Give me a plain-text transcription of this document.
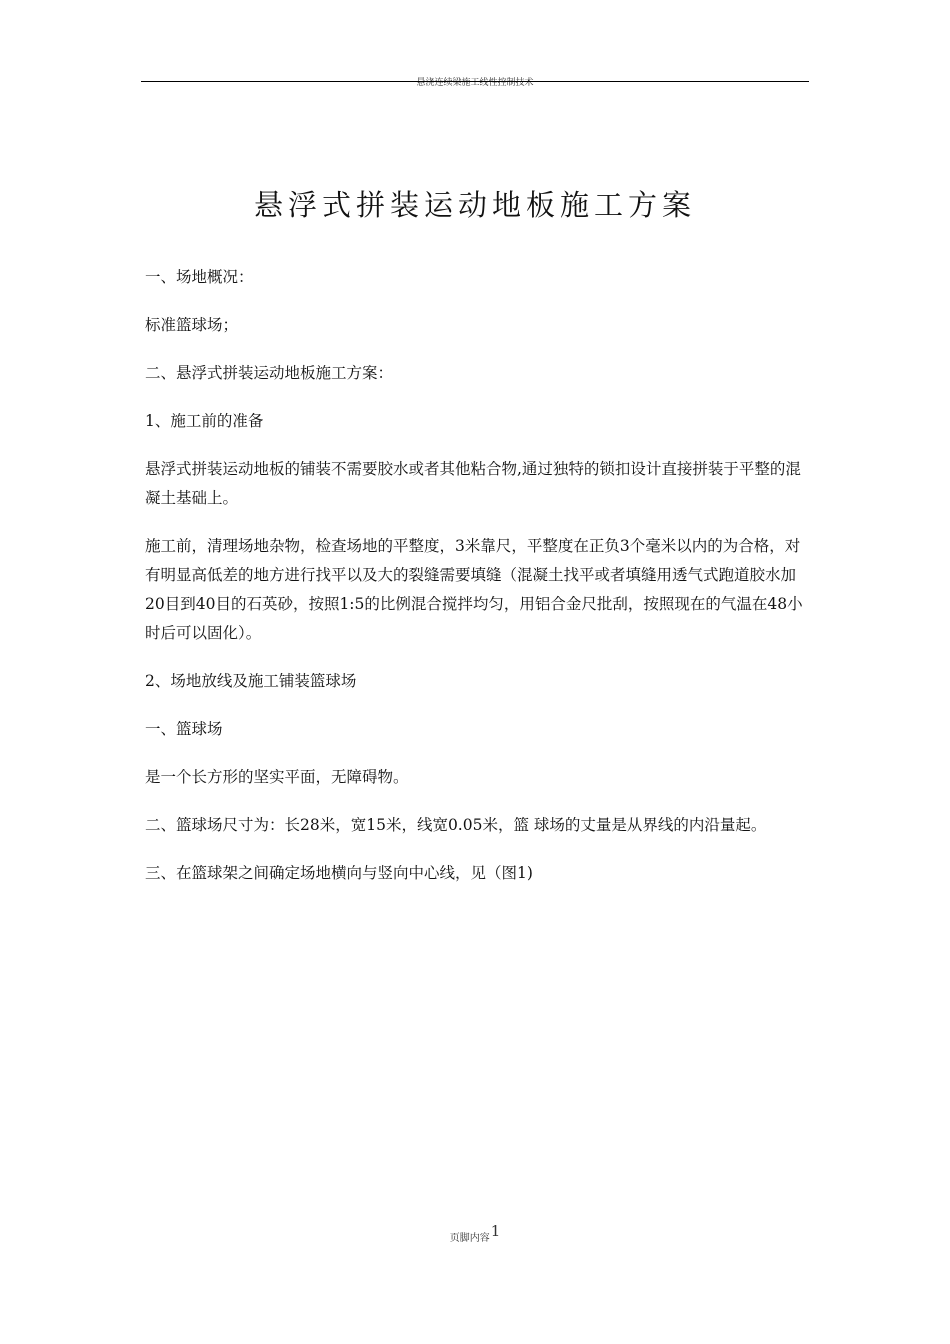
悬浇连续梁施工线性控制技术
悬浮式拼装运动地板施工方案

一、场地概况：

标准篮球场；

二、悬浮式拼装运动地板施工方案：

1、施工前的准备

悬浮式拼装运动地板的铺装不需要胶水或者其他粘合物,通过独特的锁扣设计直接拼装于平整的混凝土基础上。

施工前，清理场地杂物，检查场地的平整度，3米靠尺，平整度在正负3个毫米以内的为合格，对有明显高低差的地方进行找平以及大的裂缝需要填缝（混凝土找平或者填缝用透气式跑道胶水加20目到40目的石英砂，按照1:5的比例混合搅拌均匀，用铝合金尺批刮，按照现在的气温在48小时后可以固化）。

2、场地放线及施工铺装篮球场

一、篮球场

是一个长方形的坚实平面，无障碍物。

二、篮球场尺寸为：长28米，宽15米，线宽0.05米，篮 球场的丈量是从界线的内沿量起。

三、在篮球架之间确定场地横向与竖向中心线，见（图1)

页脚内容1
